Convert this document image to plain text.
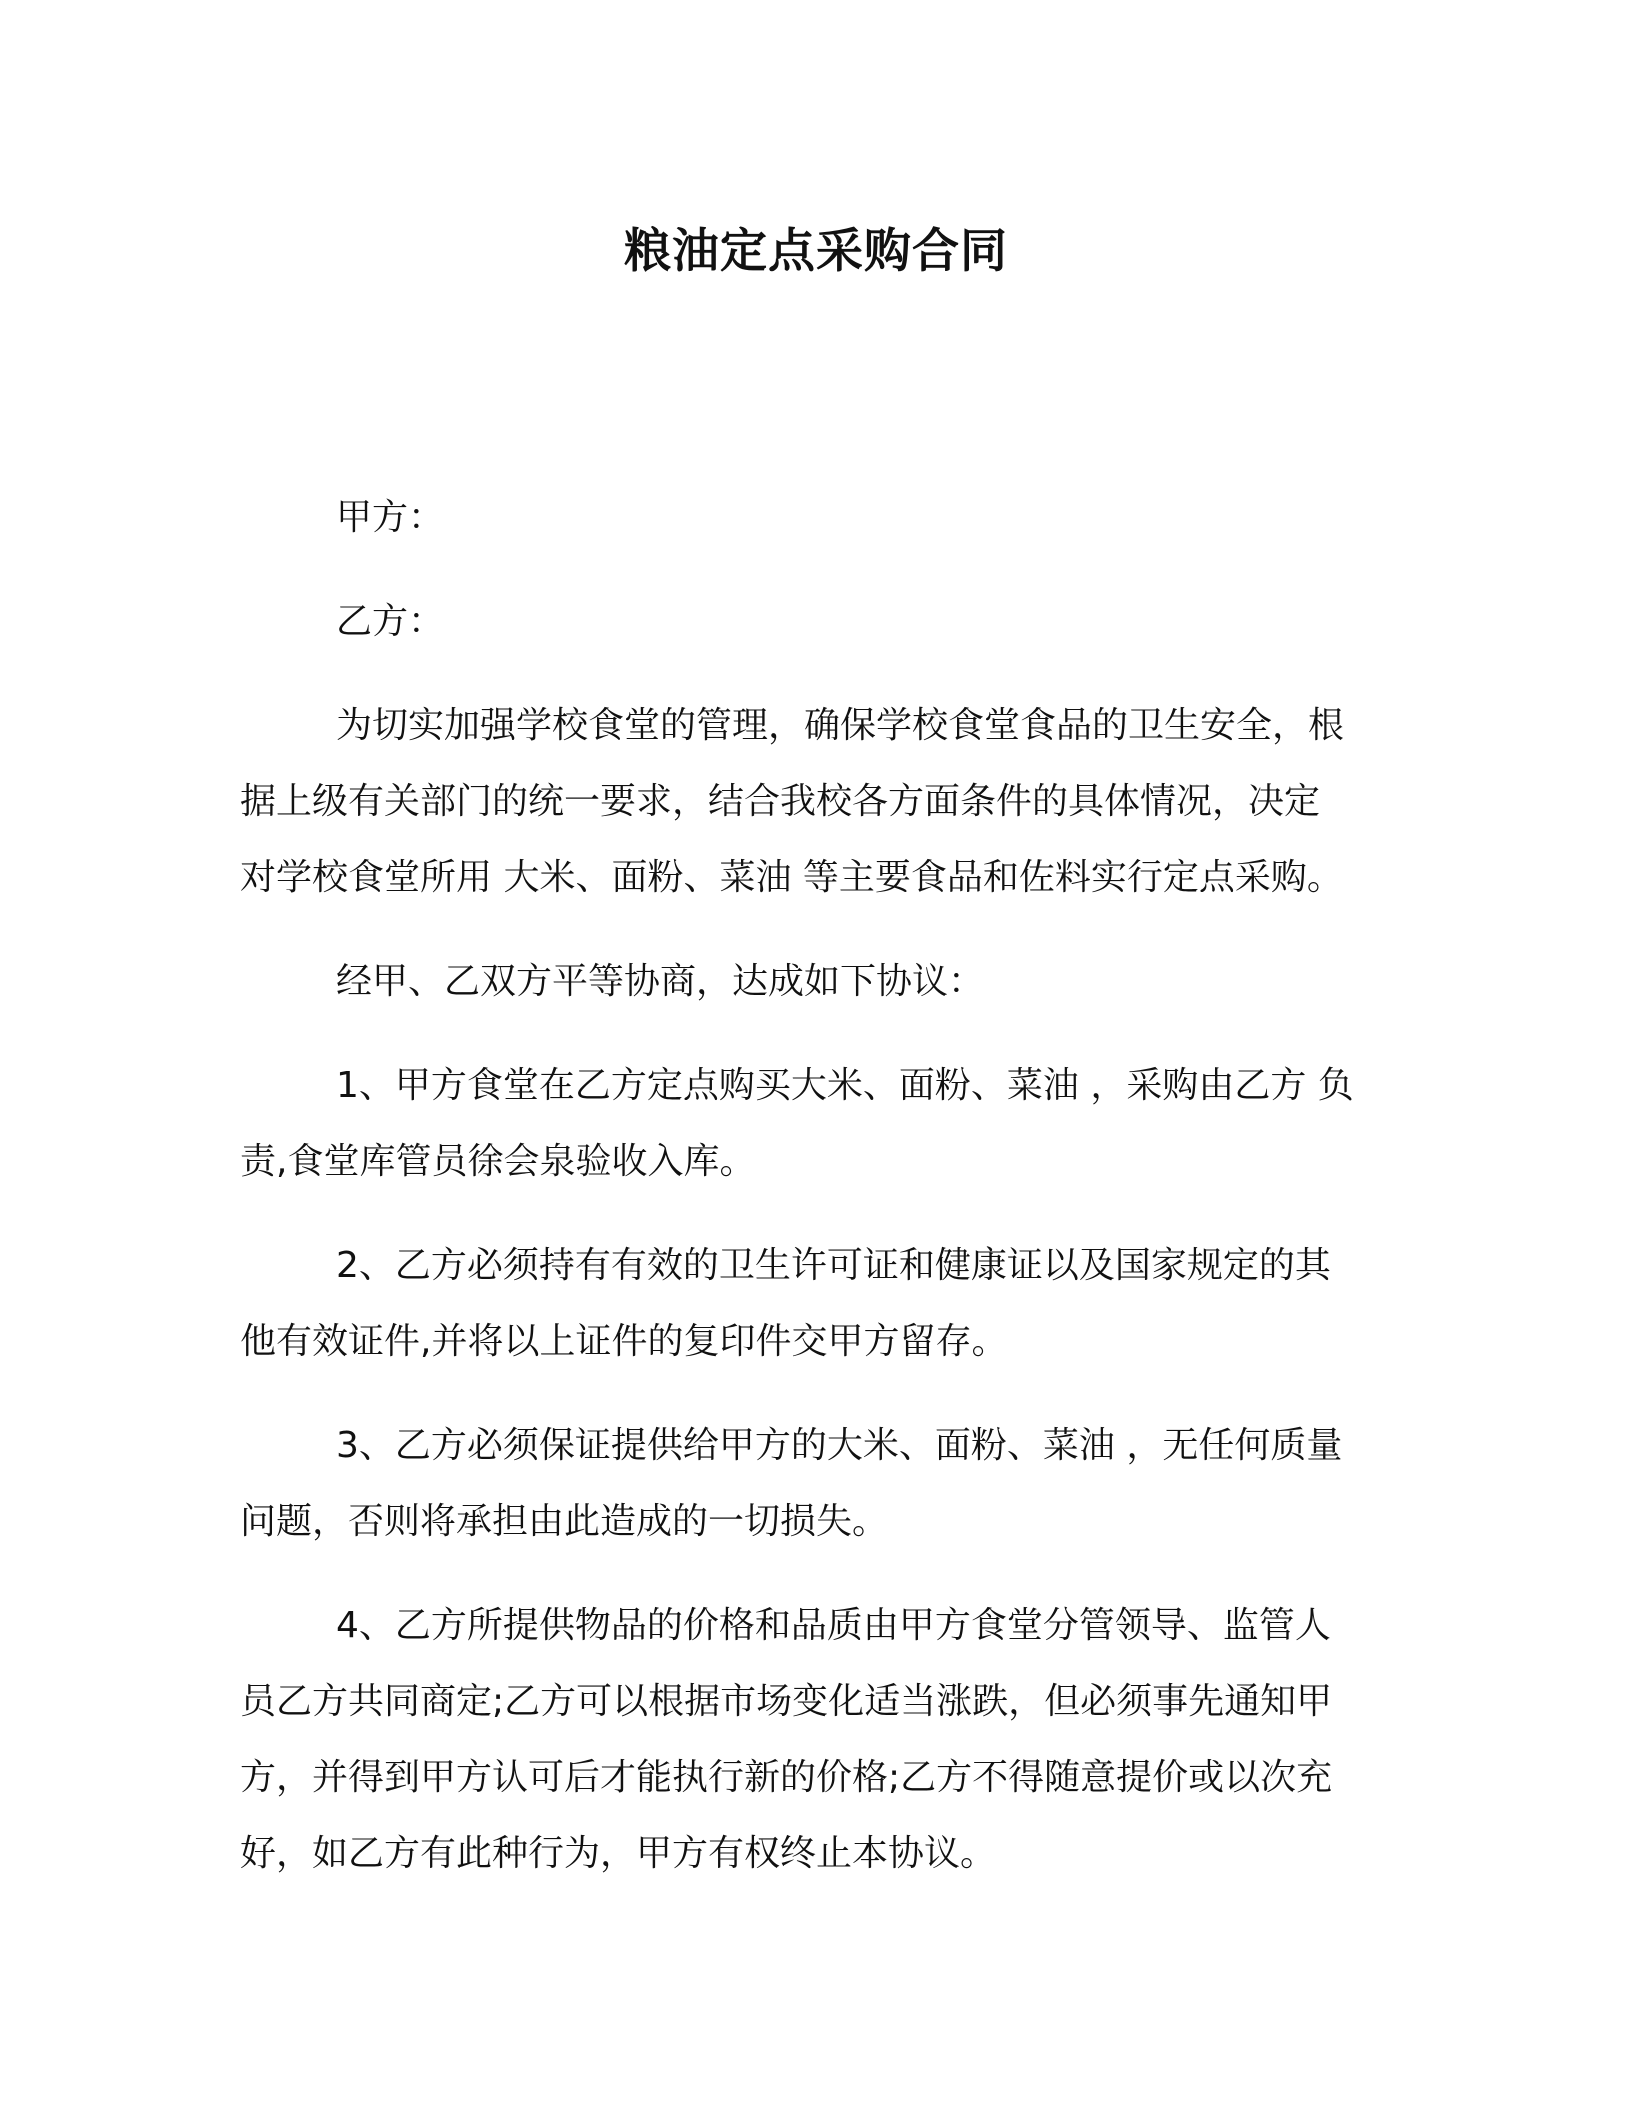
粮油定点采购合同
甲方：
乙方：
为切实加强学校食堂的管理，确保学校食堂食品的卫生安全，根
据上级有关部门的统一要求，结合我校各方面条件的具体情况，决定
对学校食堂所用 大米、面粉、菜油 等主要食品和佐料实行定点采购。
经甲、乙双方平等协商，达成如下协议：
1、甲方食堂在乙方定点购买大米、面粉、菜油 ，采购由乙方 负
责,食堂库管员徐会泉验收入库。
2、乙方必须持有有效的卫生许可证和健康证以及国家规定的其
他有效证件,并将以上证件的复印件交甲方留存。
3、乙方必须保证提供给甲方的大米、面粉、菜油 ，无任何质量
问题，否则将承担由此造成的一切损失。
4、乙方所提供物品的价格和品质由甲方食堂分管领导、监管人
员乙方共同商定;乙方可以根据市场变化适当涨跌，但必须事先通知甲
方，并得到甲方认可后才能执行新的价格;乙方不得随意提价或以次充
好，如乙方有此种行为，甲方有权终止本协议。
